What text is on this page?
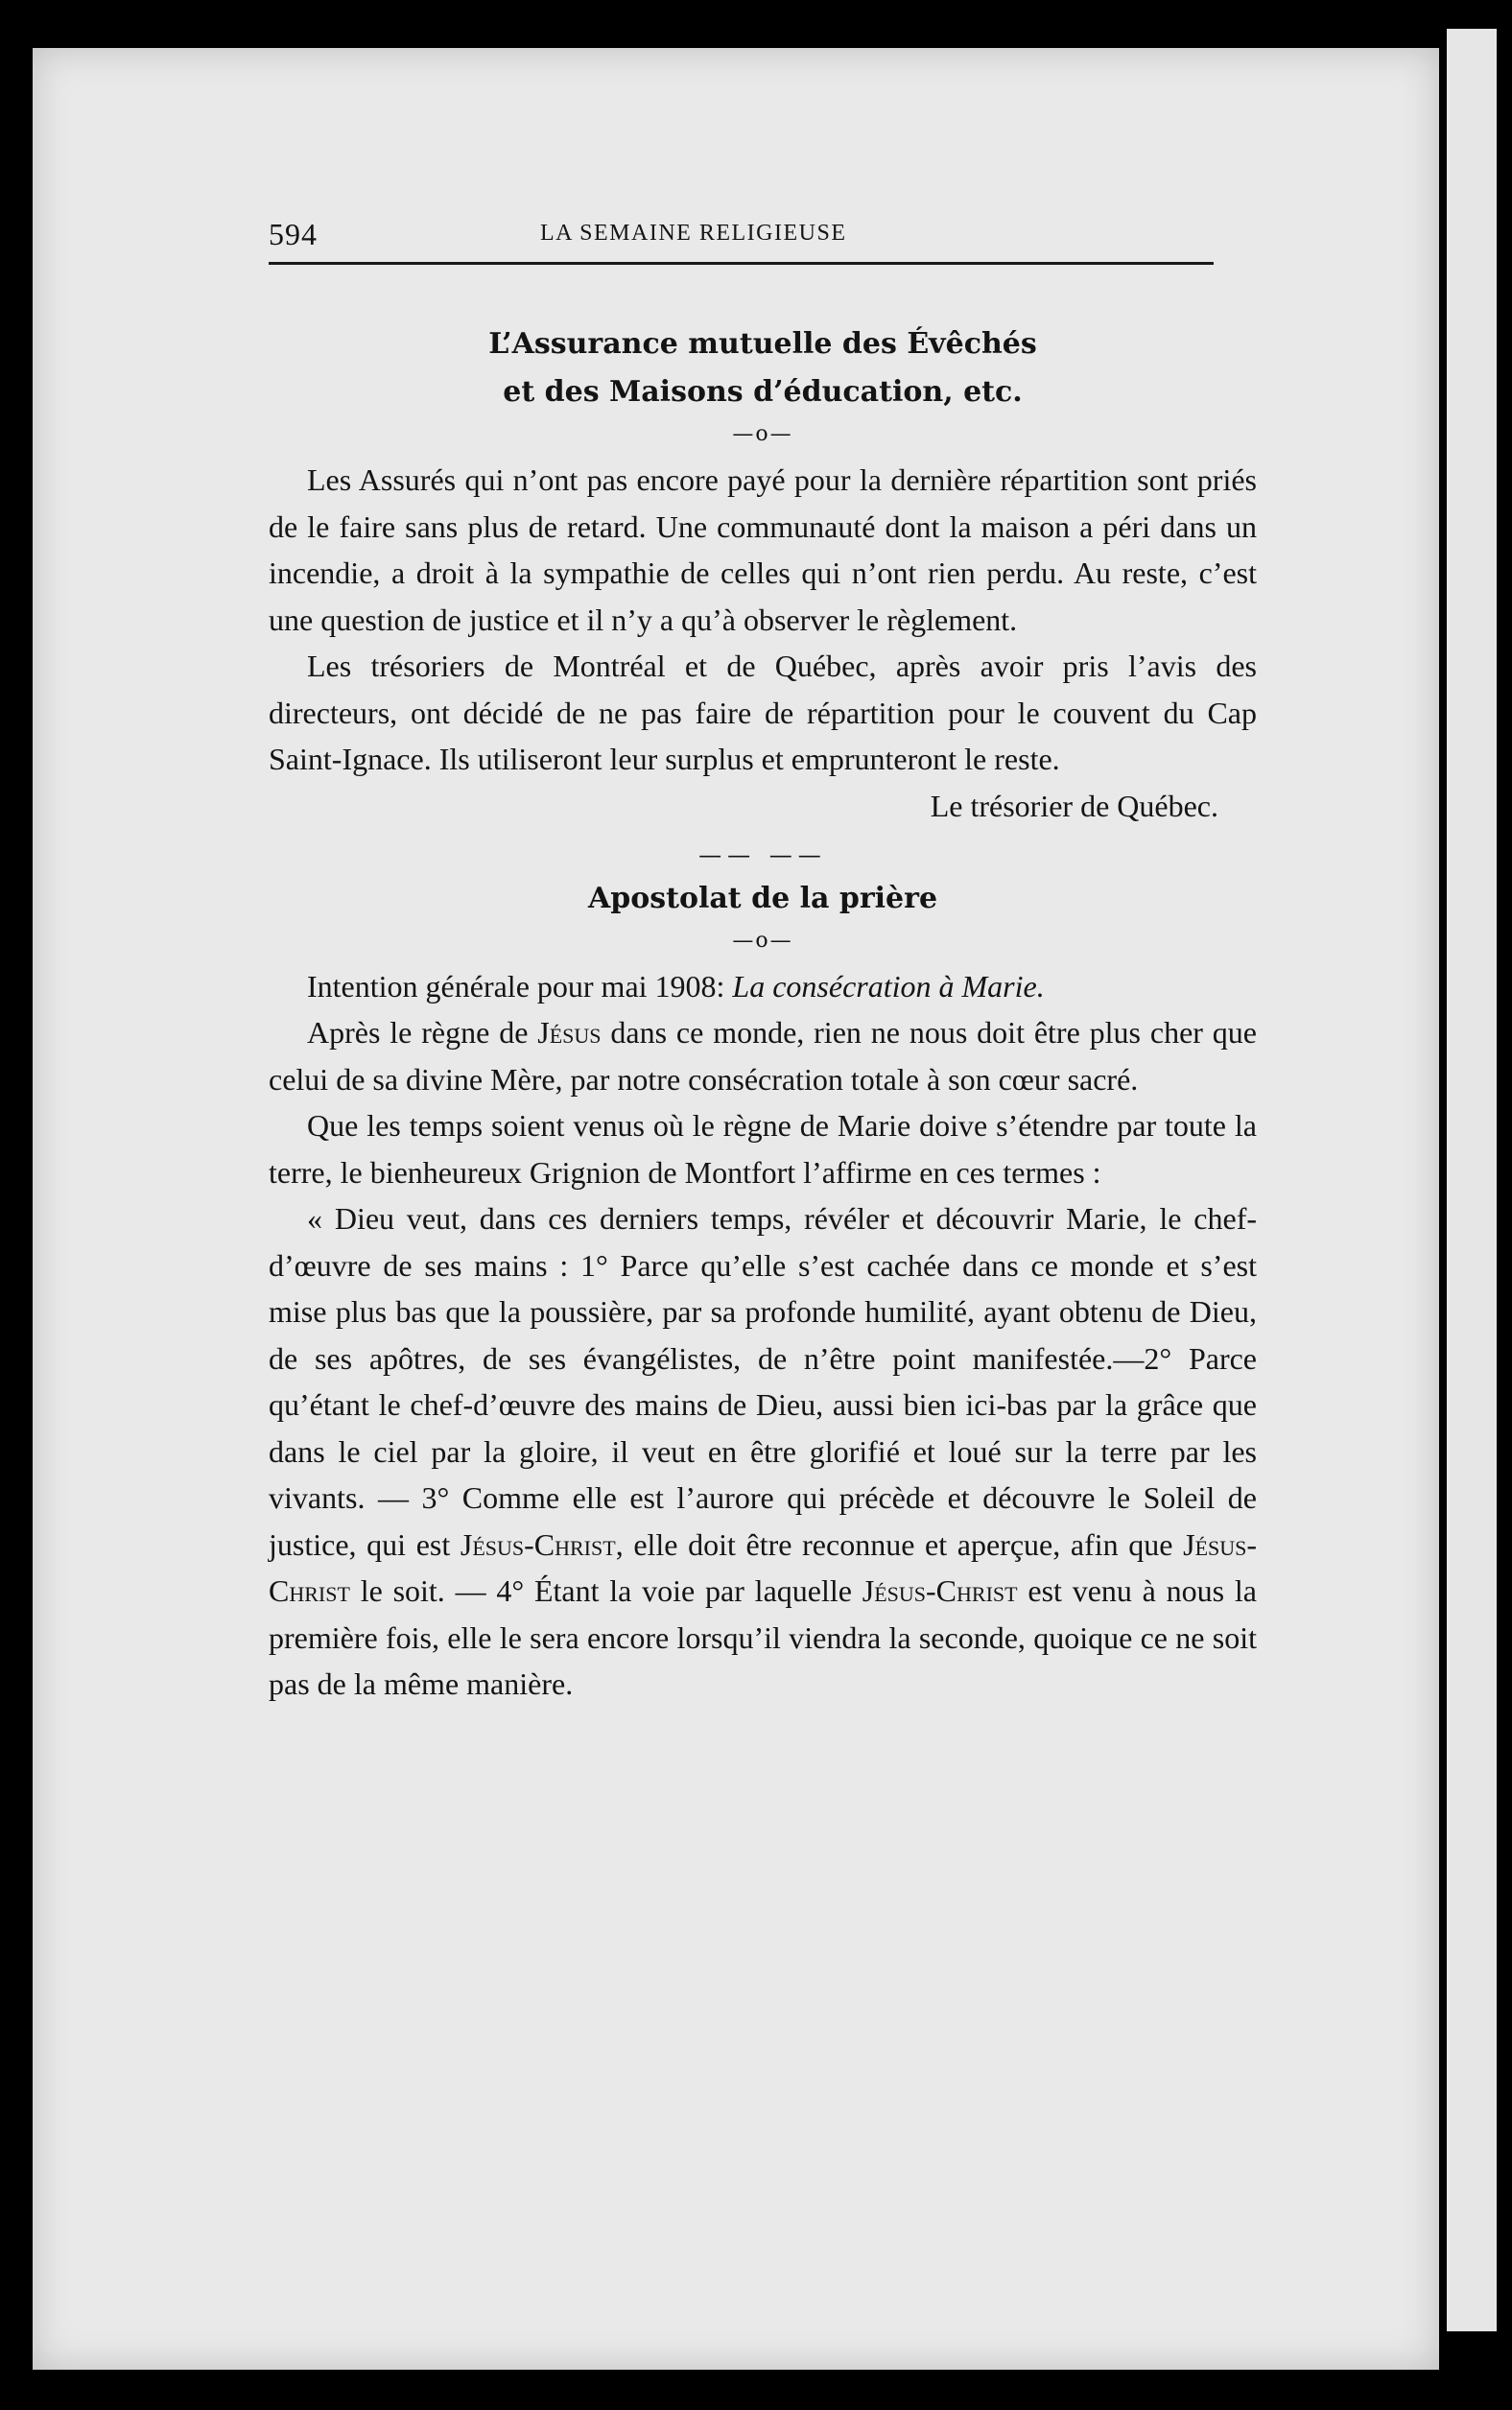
594	LA SEMAINE RELIGIEUSE

L’Assurance mutuelle des Évêchés

et des Maisons d’éducation, etc.

—o—

Les Assurés qui n’ont pas encore payé pour la dernière répartition sont priés de le faire sans plus de retard. Une communauté dont la maison a péri dans un incendie, a droit à la sympathie de celles qui n’ont rien perdu. Au reste, c’est une question de justice et il n’y a qu’à observer le règlement.

Les trésoriers de Montréal et de Québec, après avoir pris l’avis des directeurs, ont décidé de ne pas faire de répartition pour le couvent du Cap Saint-Ignace. Ils utiliseront leur surplus et emprunteront le reste.

Le trésorier de Québec.

—— ——

Apostolat de la prière

—o—

Intention générale pour mai 1908: La consécration à Marie.

Après le règne de Jésus dans ce monde, rien ne nous doit être plus cher que celui de sa divine Mère, par notre consécration totale à son cœur sacré.

Que les temps soient venus où le règne de Marie doive s’étendre par toute la terre, le bienheureux Grignion de Montfort l’affirme en ces termes :

« Dieu veut, dans ces derniers temps, révéler et découvrir Marie, le chef-d’œuvre de ses mains : 1° Parce qu’elle s’est cachée dans ce monde et s’est mise plus bas que la poussière, par sa profonde humilité, ayant obtenu de Dieu, de ses apôtres, de ses évangélistes, de n’être point manifestée.—2° Parce qu’étant le chef-d’œuvre des mains de Dieu, aussi bien ici-bas par la grâce que dans le ciel par la gloire, il veut en être glorifié et loué sur la terre par les vivants. — 3° Comme elle est l’aurore qui précède et découvre le Soleil de justice, qui est Jésus-Christ, elle doit être reconnue et aperçue, afin que Jésus-Christ le soit. — 4° Étant la voie par laquelle Jésus-Christ est venu à nous la première fois, elle le sera encore lorsqu’il viendra la seconde, quoique ce ne soit pas de la même manière.
